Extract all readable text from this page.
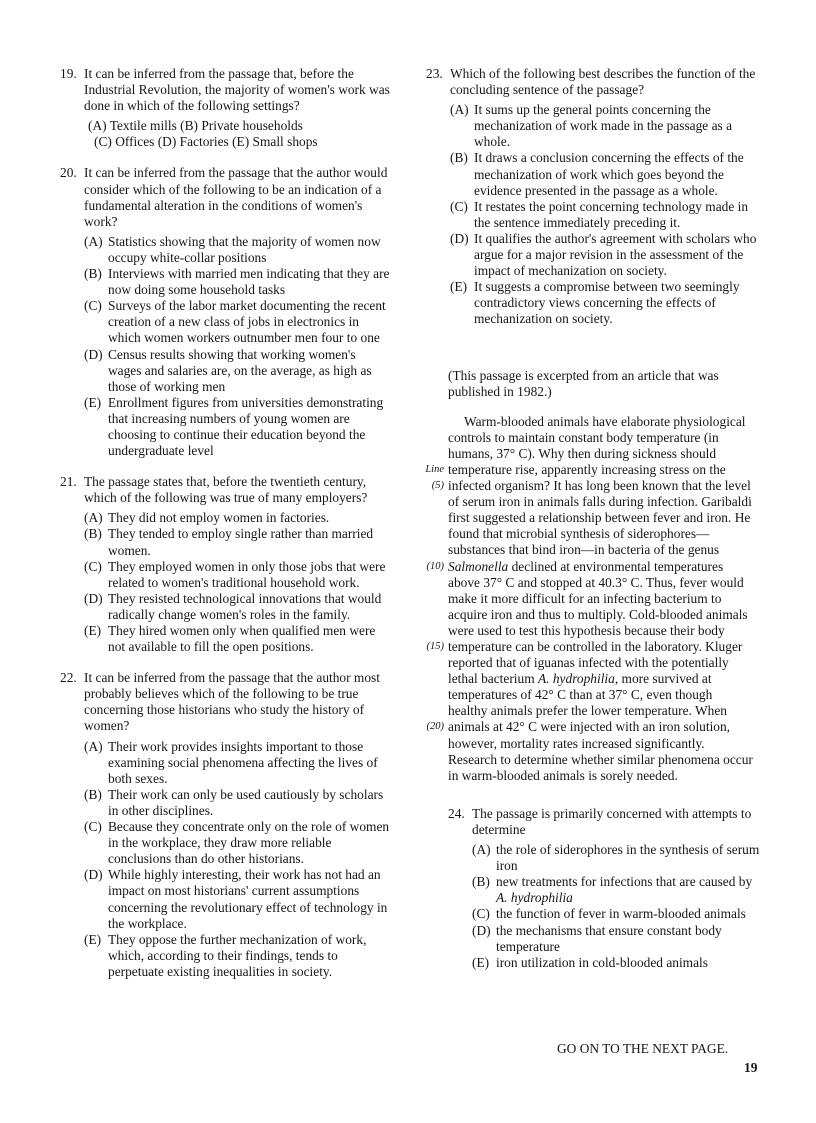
19. It can be inferred from the passage that, before the Industrial Revolution, the majority of women's work was done in which of the following settings?
(A) Textile mills (B) Private households
(C) Offices (D) Factories (E) Small shops
20. It can be inferred from the passage that the author would consider which of the following to be an indication of a fundamental alteration in the conditions of women's work?
(A) Statistics showing that the majority of women now occupy white-collar positions
(B) Interviews with married men indicating that they are now doing some household tasks
(C) Surveys of the labor market documenting the recent creation of a new class of jobs in electronics in which women workers outnumber men four to one
(D) Census results showing that working women's wages and salaries are, on the average, as high as those of working men
(E) Enrollment figures from universities demonstrating that increasing numbers of young women are choosing to continue their education beyond the undergraduate level
21. The passage states that, before the twentieth century, which of the following was true of many employers?
(A) They did not employ women in factories.
(B) They tended to employ single rather than married women.
(C) They employed women in only those jobs that were related to women's traditional household work.
(D) They resisted technological innovations that would radically change women's roles in the family.
(E) They hired women only when qualified men were not available to fill the open positions.
22. It can be inferred from the passage that the author most probably believes which of the following to be true concerning those historians who study the history of women?
(A) Their work provides insights important to those examining social phenomena affecting the lives of both sexes.
(B) Their work can only be used cautiously by scholars in other disciplines.
(C) Because they concentrate only on the role of women in the workplace, they draw more reliable conclusions than do other historians.
(D) While highly interesting, their work has not had an impact on most historians' current assumptions concerning the revolutionary effect of technology in the workplace.
(E) They oppose the further mechanization of work, which, according to their findings, tends to perpetuate existing inequalities in society.
23. Which of the following best describes the function of the concluding sentence of the passage?
(A) It sums up the general points concerning the mechanization of work made in the passage as a whole.
(B) It draws a conclusion concerning the effects of the mechanization of work which goes beyond the evidence presented in the passage as a whole.
(C) It restates the point concerning technology made in the sentence immediately preceding it.
(D) It qualifies the author's agreement with scholars who argue for a major revision in the assessment of the impact of mechanization on society.
(E) It suggests a compromise between two seemingly contradictory views concerning the effects of mechanization on society.
(This passage is excerpted from an article that was published in 1982.)
Warm-blooded animals have elaborate physiological
controls to maintain constant body temperature (in
humans, 37° C). Why then during sickness should
Line temperature rise, apparently increasing stress on the
(5) infected organism? It has long been known that the level
of serum iron in animals falls during infection. Garibaldi
first suggested a relationship between fever and iron. He
found that microbial synthesis of siderophores—
substances that bind iron—in bacteria of the genus
(10) Salmonella declined at environmental temperatures
above 37° C and stopped at 40.3° C. Thus, fever would
make it more difficult for an infecting bacterium to
acquire iron and thus to multiply. Cold-blooded animals
were used to test this hypothesis because their body
(15) temperature can be controlled in the laboratory. Kluger
reported that of iguanas infected with the potentially
lethal bacterium A. hydrophilia, more survived at
temperatures of 42° C than at 37° C, even though
healthy animals prefer the lower temperature. When
(20) animals at 42° C were injected with an iron solution,
however, mortality rates increased significantly.
Research to determine whether similar phenomena occur
in warm-blooded animals is sorely needed.
24. The passage is primarily concerned with attempts to determine
(A) the role of siderophores in the synthesis of serum iron
(B) new treatments for infections that are caused by A. hydrophilia
(C) the function of fever in warm-blooded animals
(D) the mechanisms that ensure constant body temperature
(E) iron utilization in cold-blooded animals
GO ON TO THE NEXT PAGE.
19
